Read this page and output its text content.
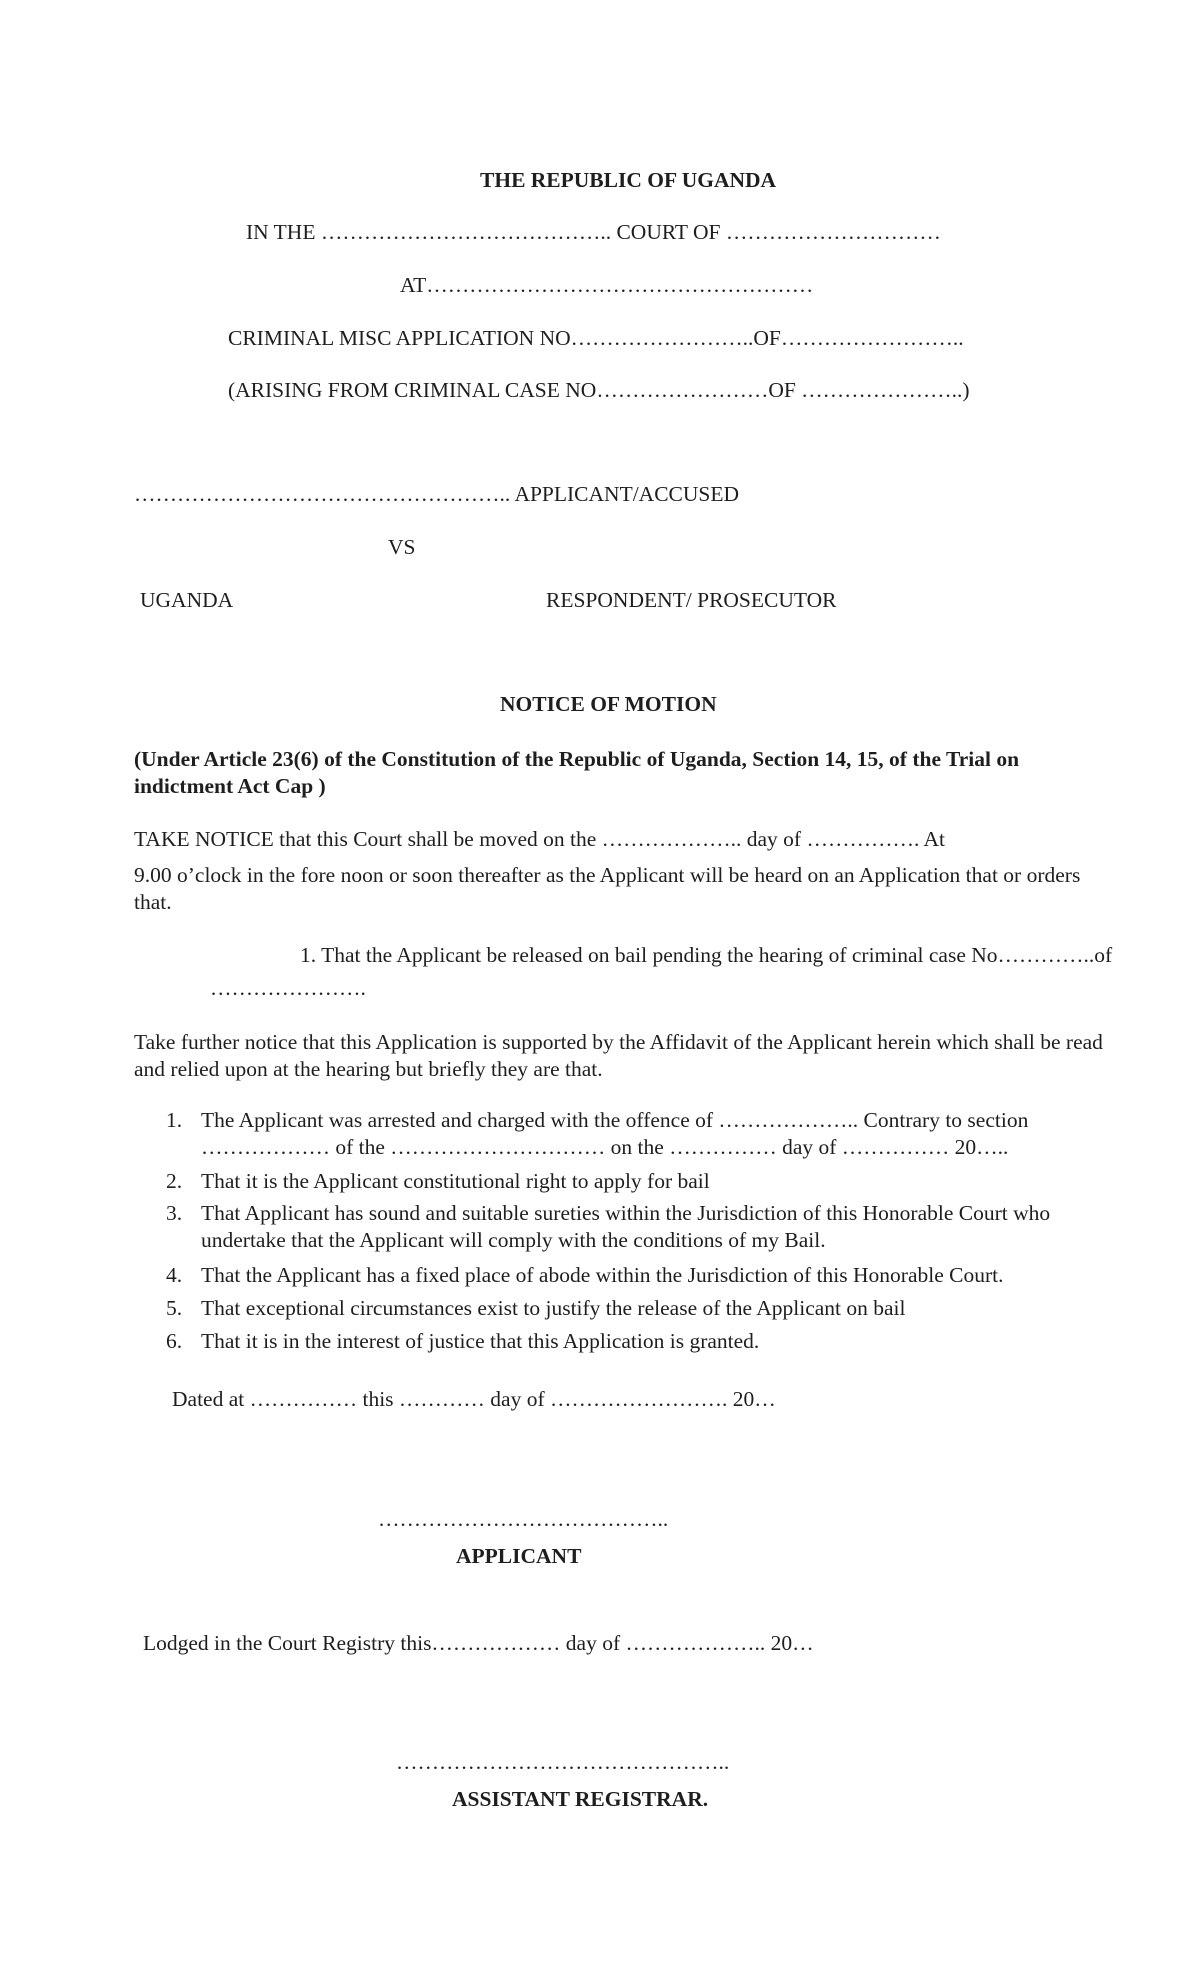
THE REPUBLIC OF UGANDA
IN THE ………………………………….. COURT OF …………………………
AT………………………………………………
CRIMINAL MISC APPLICATION NO……………………..OF……………………..
(ARISING FROM CRIMINAL CASE NO……………………OF …………………..)
…………………………………………….. APPLICANT/ACCUSED
VS
UGANDA	RESPONDENT/ PROSECUTOR
NOTICE OF MOTION
(Under Article 23(6) of the Constitution of the Republic of Uganda, Section 14, 15, of the Trial on
indictment Act Cap )
TAKE NOTICE that this Court shall be moved on the ……………….. day of ……………. At
9.00 o’clock in the fore noon or soon thereafter as the Applicant will be heard on an Application that or orders
that.
1. That the Applicant be released on bail pending the hearing of criminal case No…………..of
………………….
Take further notice that this Application is supported by the Affidavit of the Applicant herein which shall be read
and relied upon at the hearing but briefly they are that.
1. The Applicant was arrested and charged with the offence of ……………….. Contrary to section
……………… of the ………………………… on the …………… day of …………… 20…..
2. That it is the Applicant constitutional right to apply for bail
3. That Applicant has sound and suitable sureties within the Jurisdiction of this Honorable Court who
undertake that the Applicant will comply with the conditions of my Bail.
4. That the Applicant has a fixed place of abode within the Jurisdiction of this Honorable Court.
5. That exceptional circumstances exist to justify the release of the Applicant on bail
6. That it is in the interest of justice that this Application is granted.
Dated at …………… this ………… day of ……………………. 20…
…………………………………..
APPLICANT
Lodged in the Court Registry this……………… day of ……………….. 20…
………………………………………..
ASSISTANT REGISTRAR.
